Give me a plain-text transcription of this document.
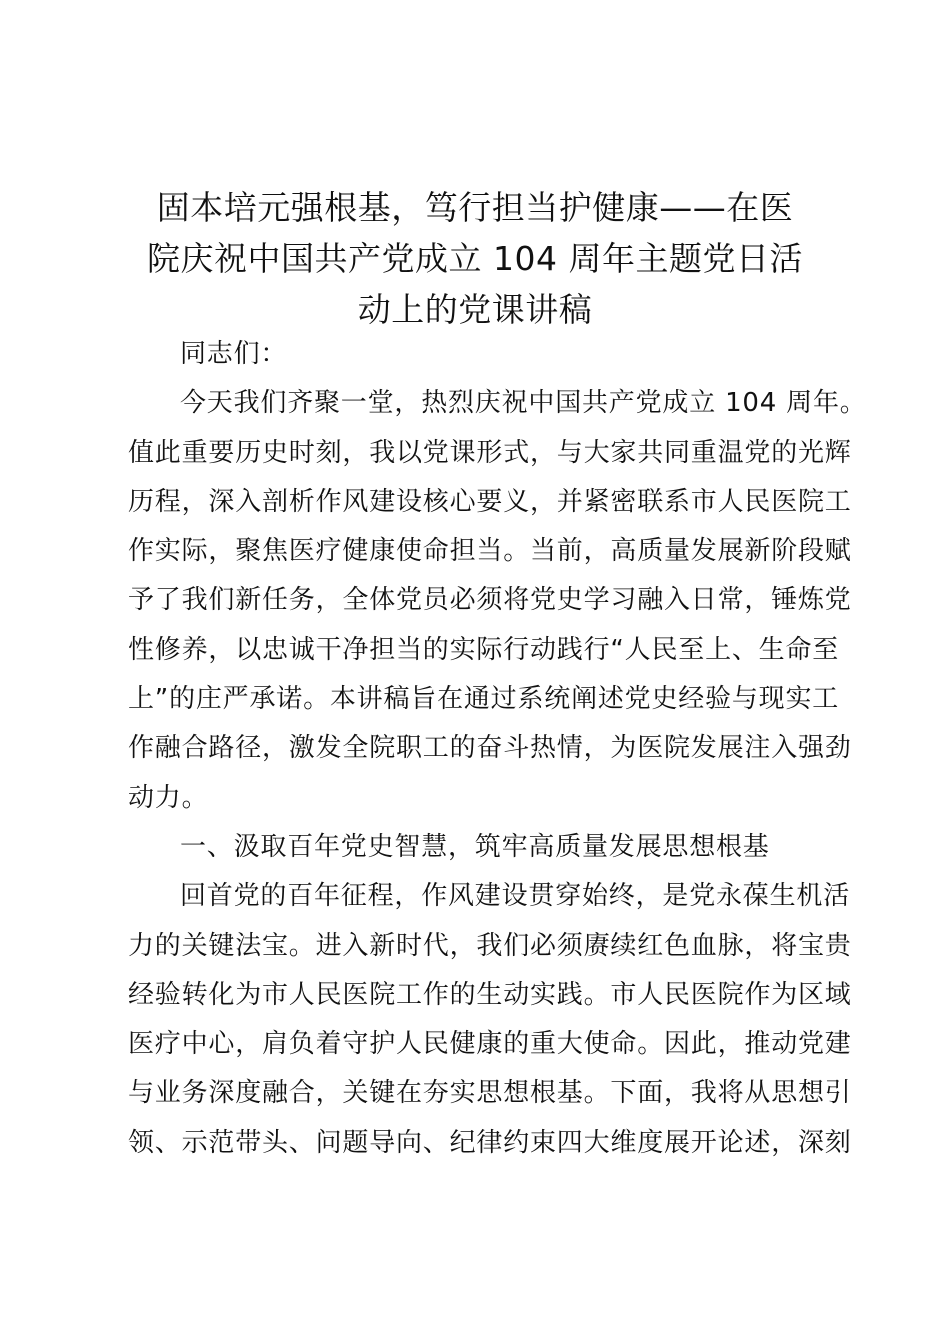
固本培元强根基，笃行担当护健康——在医
院庆祝中国共产党成立 104 周年主题党日活
动上的党课讲稿
同志们：
今天我们齐聚一堂，热烈庆祝中国共产党成立 104 周年。
值此重要历史时刻，我以党课形式，与大家共同重温党的光辉
历程，深入剖析作风建设核心要义，并紧密联系市人民医院工
作实际，聚焦医疗健康使命担当。当前，高质量发展新阶段赋
予了我们新任务，全体党员必须将党史学习融入日常，锤炼党
性修养，以忠诚干净担当的实际行动践行“人民至上、生命至
上”的庄严承诺。本讲稿旨在通过系统阐述党史经验与现实工
作融合路径，激发全院职工的奋斗热情，为医院发展注入强劲
动力。
一、汲取百年党史智慧，筑牢高质量发展思想根基
回首党的百年征程，作风建设贯穿始终，是党永葆生机活
力的关键法宝。进入新时代，我们必须赓续红色血脉，将宝贵
经验转化为市人民医院工作的生动实践。市人民医院作为区域
医疗中心，肩负着守护人民健康的重大使命。因此，推动党建
与业务深度融合，关键在夯实思想根基。下面，我将从思想引
领、示范带头、问题导向、纪律约束四大维度展开论述，深刻
